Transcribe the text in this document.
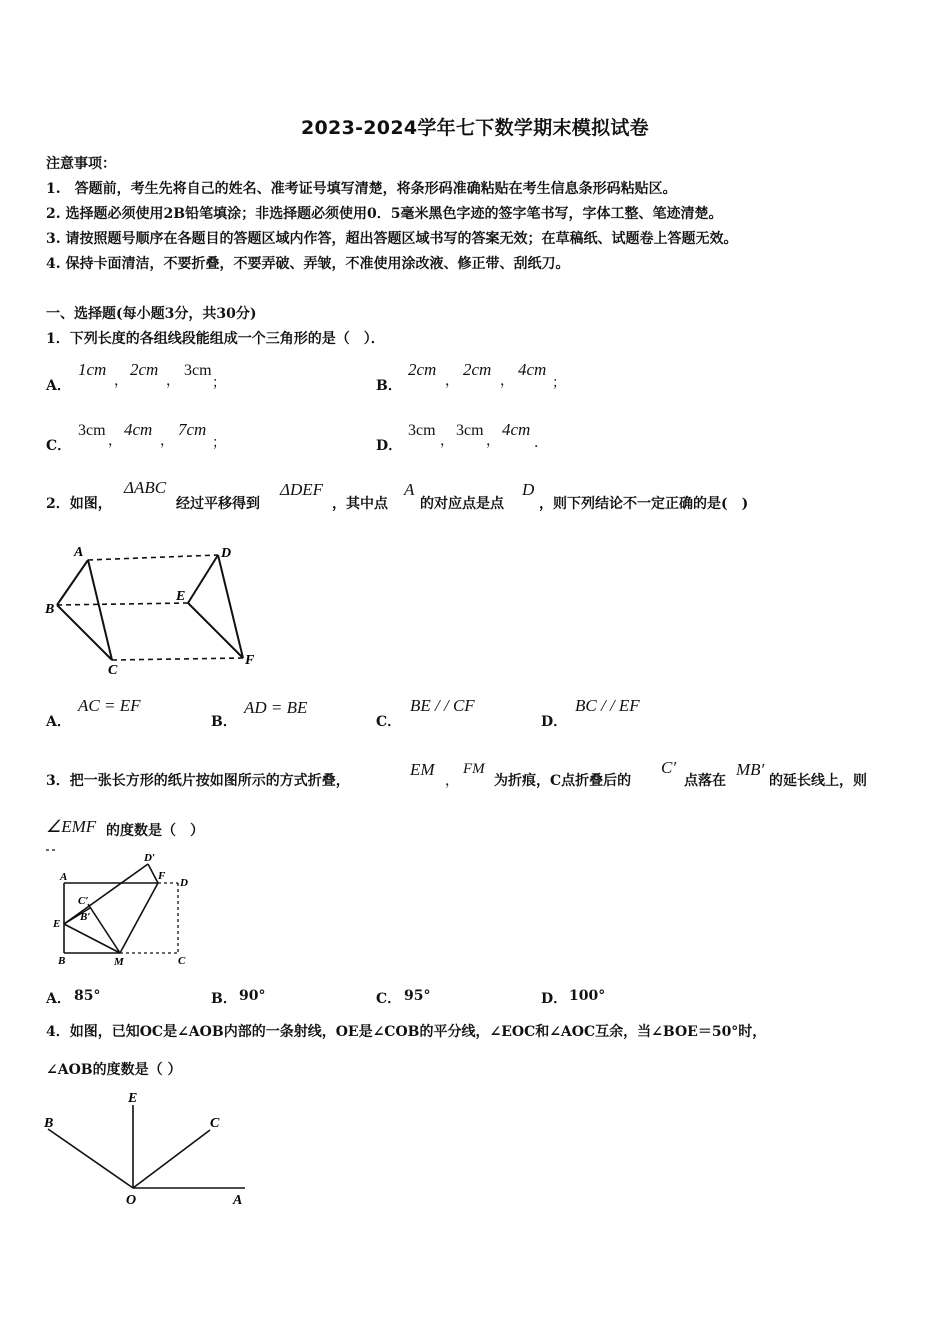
2023-2024学年七下数学期末模拟试卷
注意事项：
1.　答题前，考生先将自己的姓名、准考证号填写清楚，将条形码准确粘贴在考生信息条形码粘贴区。
2. 选择题必须使用2B铅笔填涂；非选择题必须使用0．5毫米黑色字迹的签字笔书写，字体工整、笔迹清楚。
3. 请按照题号顺序在各题目的答题区域内作答，超出答题区域书写的答案无效；在草稿纸、试题卷上答题无效。
4. 保持卡面清洁，不要折叠，不要弄破、弄皱，不准使用涂改液、修正带、刮纸刀。
一、选择题(每小题3分，共30分)
1．下列长度的各组线段能组成一个三角形的是（　）．
A．
1cm
，
2cm
，
3cm
；	B．
2cm
，
2cm
，
4cm
；
C．
3cm
，
4cm
，
7cm
；	D．
3cm
，
3cm
，
4cm
．
2．如图，
ΔABC
经过平移得到
ΔDEF
，其中点
A
的对应点是点
D
，则下列结论不一定正确的是(　)
A
B
C
D
E
F
A．
AC = EF
B．
AD = BE
C．
BE / / CF
D．
BC / / EF
3．把一张长方形的纸片按如图所示的方式折叠，
EM
，
FM
为折痕，C点折叠后的
C′
点落在
MB′
的延长线上，则
∠EMF 的度数是（　）
A
B	C
D
D′
F
C′
B′
E
M
A． 85°	B． 90°	C． 95°	D． 100°
4．如图，已知OC是∠AOB内部的一条射线，OE是∠COB的平分线，∠EOC和∠AOC互余，当∠BOE＝50°时，
∠AOB的度数是（ ）
B
E
C
O	A
